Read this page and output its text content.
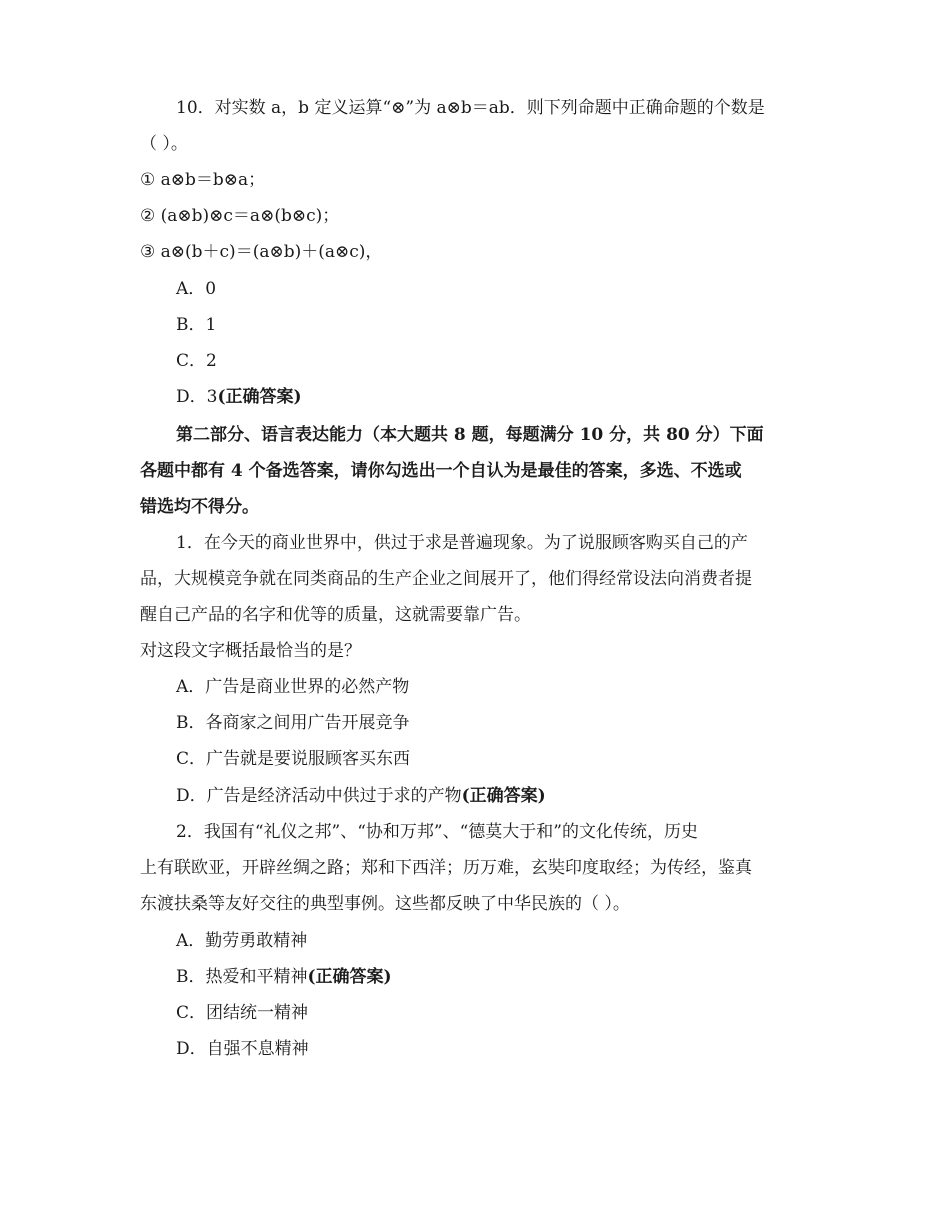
10．对实数 a，b 定义运算“⊗”为 a⊗b＝ab．则下列命题中正确命题的个数是
（ ）。
① a⊗b＝b⊗a；
② (a⊗b)⊗c＝a⊗(b⊗c)；
③ a⊗(b＋c)＝(a⊗b)＋(a⊗c)，
A．0
B．1
C．2
D．3(正确答案)
第二部分、语言表达能力（本大题共 8 题，每题满分 10 分，共 80 分）下面
各题中都有 4 个备选答案，请你勾选出一个自认为是最佳的答案，多选、不选或
错选均不得分。
1．在今天的商业世界中，供过于求是普遍现象。为了说服顾客购买自己的产
品，大规模竞争就在同类商品的生产企业之间展开了，他们得经常设法向消费者提
醒自己产品的名字和优等的质量，这就需要靠广告。
对这段文字概括最恰当的是？
A．广告是商业世界的必然产物
B．各商家之间用广告开展竞争
C．广告就是要说服顾客买东西
D．广告是经济活动中供过于求的产物(正确答案)
2．我国有“礼仪之邦”、“协和万邦”、“德莫大于和”的文化传统，历史
上有联欧亚，开辟丝绸之路；郑和下西洋；历万难，玄奘印度取经；为传经，鉴真
东渡扶桑等友好交往的典型事例。这些都反映了中华民族的（ ）。
A．勤劳勇敢精神
B．热爱和平精神(正确答案)
C．团结统一精神
D．自强不息精神
